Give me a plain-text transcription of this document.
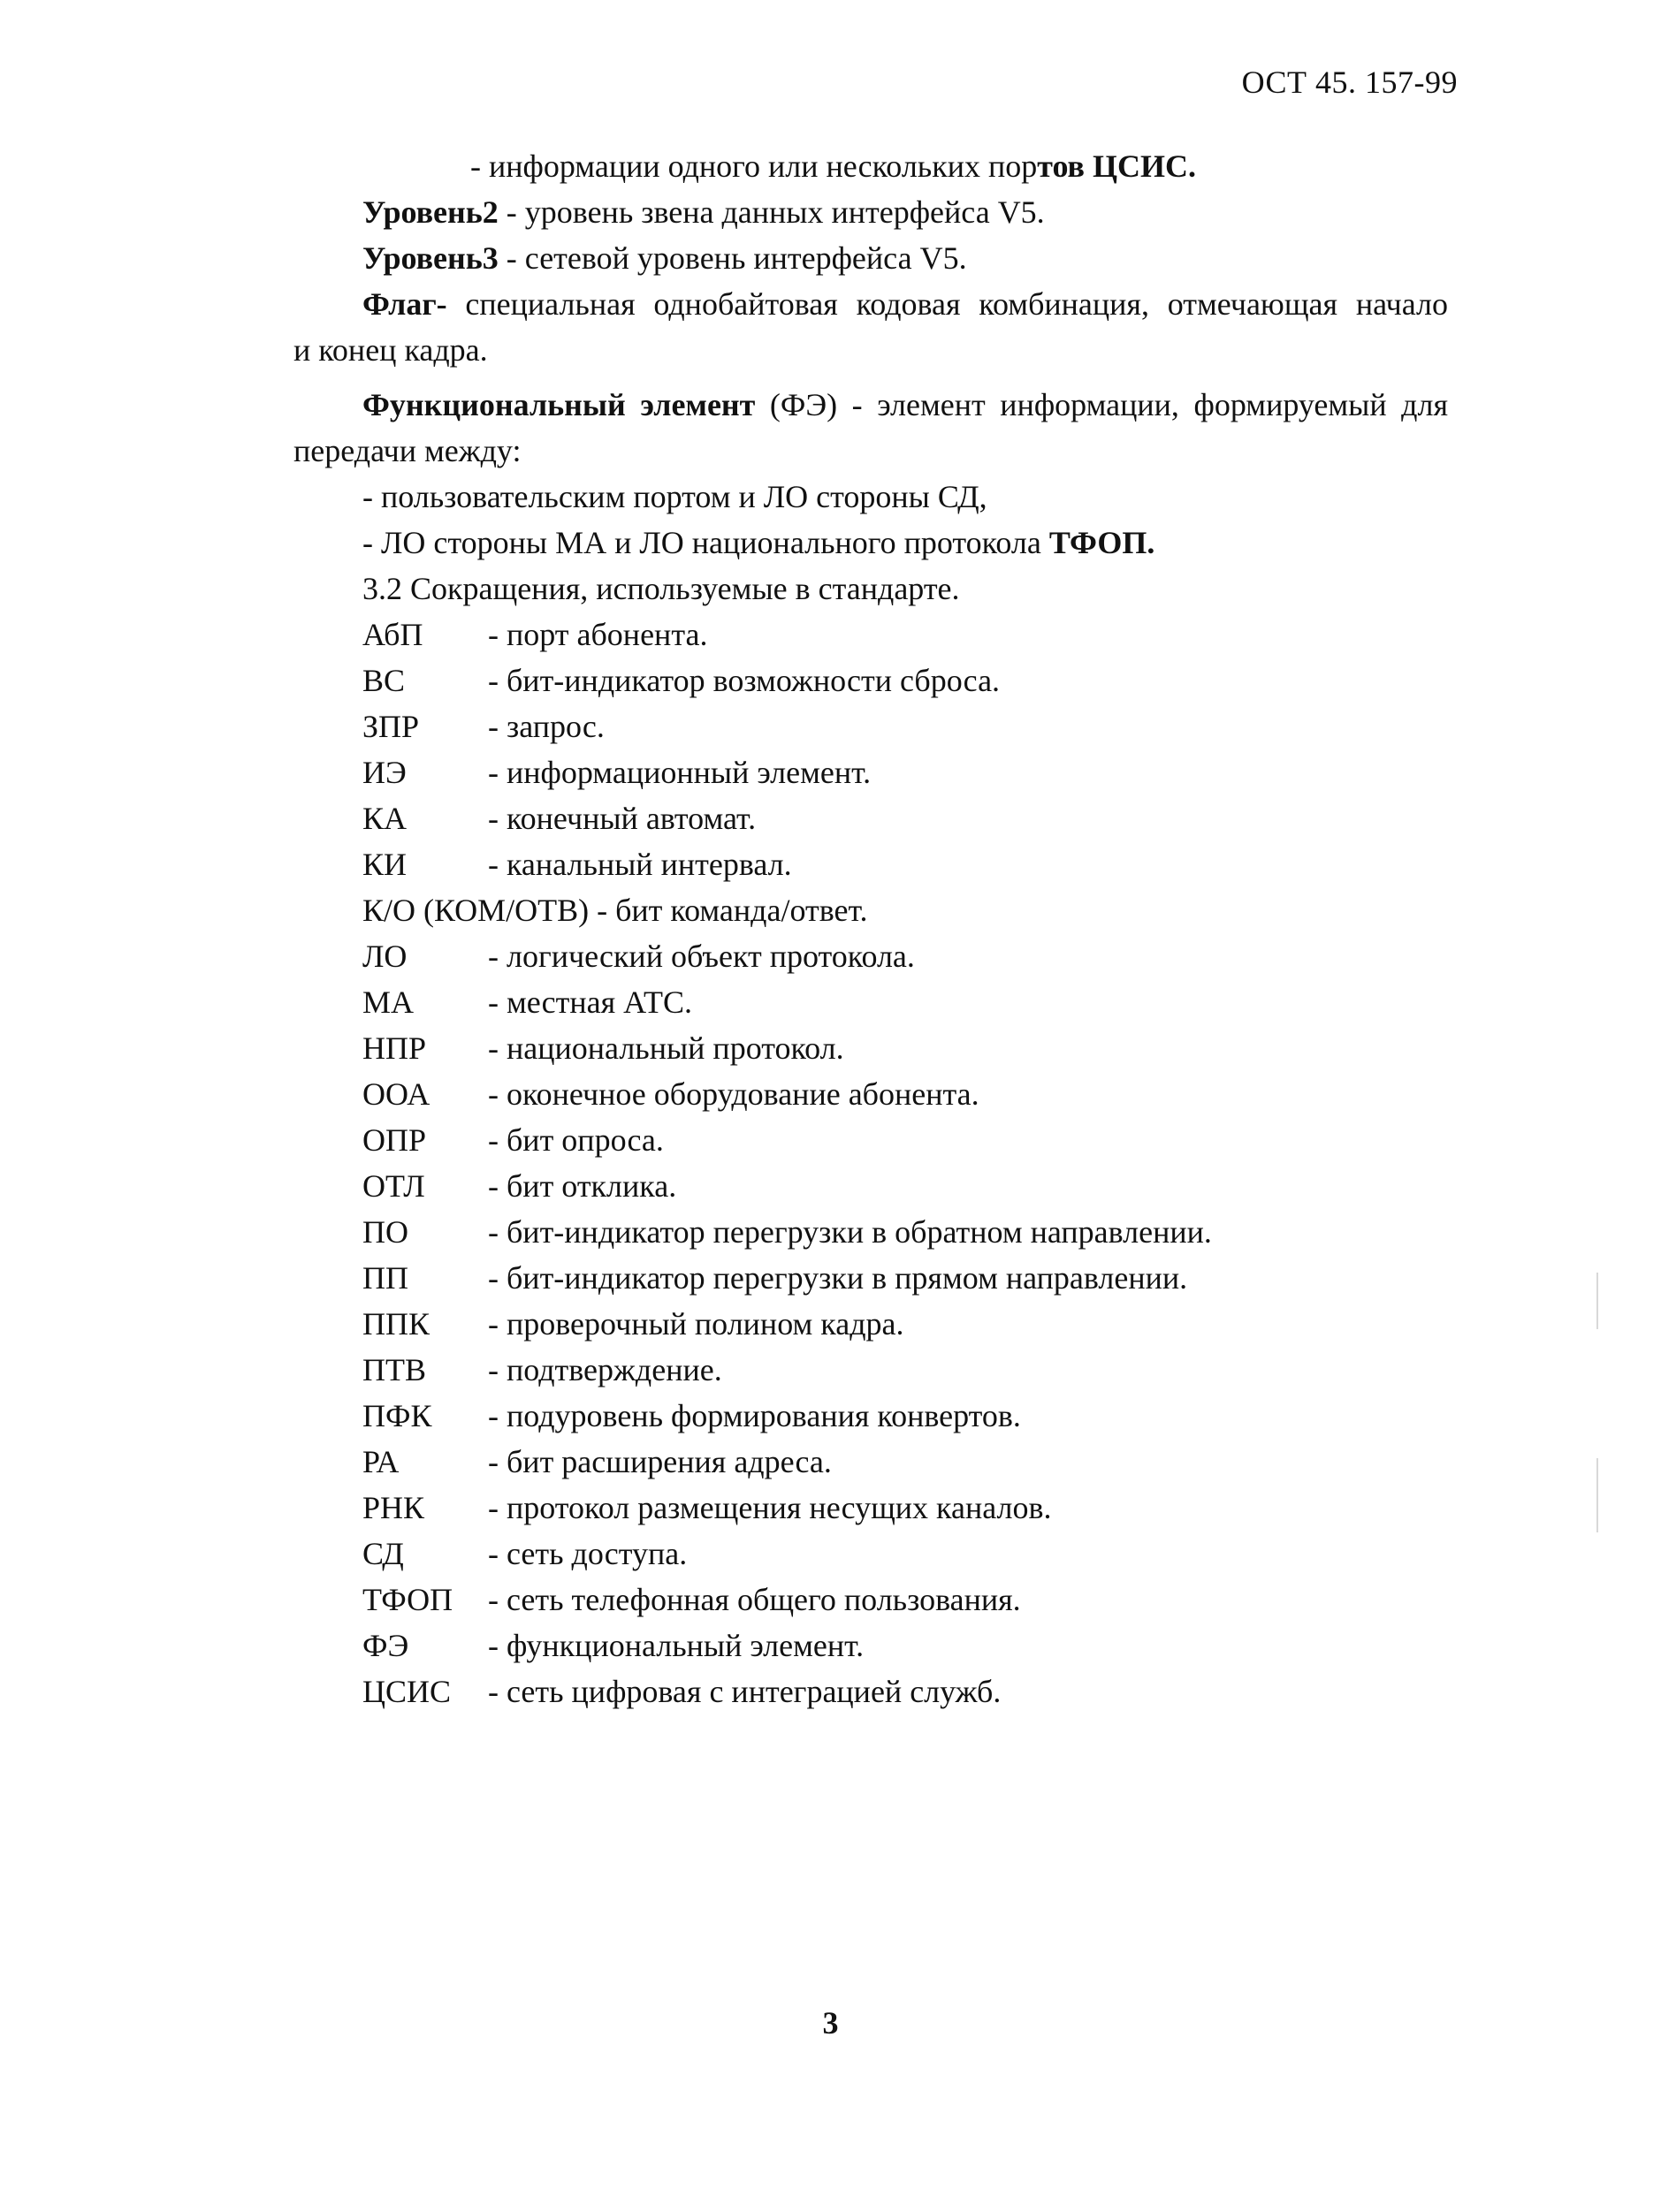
ОСТ 45. 157-99
- информации одного или нескольких портов ЦСИС.
Уровень2 - уровень звена данных интерфейса V5.
Уровень3 - сетевой уровень интерфейса V5.
Флаг- специальная однобайтовая кодовая комбинация, отмечающая начало
и конец кадра.
Функциональный элемент (ФЭ) - элемент информации, формируемый для
передачи между:
- пользовательским портом и ЛО стороны СД,
- ЛО стороны МА и ЛО национального протокола ТФОП.
3.2 Сокращения, используемые в стандарте.
АбП - порт абонента.
ВС	- бит-индикатор возможности сброса.
ЗПР - запрос.
ИЭ	- информационный элемент.
КА	- конечный автомат.
КИ	- канальный интервал.
К/О (КОМ/ОТВ) - бит команда/ответ.
ЛО	- логический объект протокола.
МА - местная АТС.
НПР - национальный протокол.
ООА - оконечное оборудование абонента.
ОПР - бит опроса.
ОТЛ - бит отклика.
ПО	- бит-индикатор перегрузки в обратном направлении.
ПП	- бит-индикатор перегрузки в прямом направлении.
ППК - проверочный полином кадра.
ПТВ - подтверждение.
ПФК - подуровень формирования конвертов.
РА	- бит расширения адреса.
РНК - протокол размещения несущих каналов.
СД	- сеть доступа.
ТФОП - сеть телефонная общего пользования.
ФЭ - функциональный элемент.
ЦСИС - сеть цифровая с интеграцией служб.
3
